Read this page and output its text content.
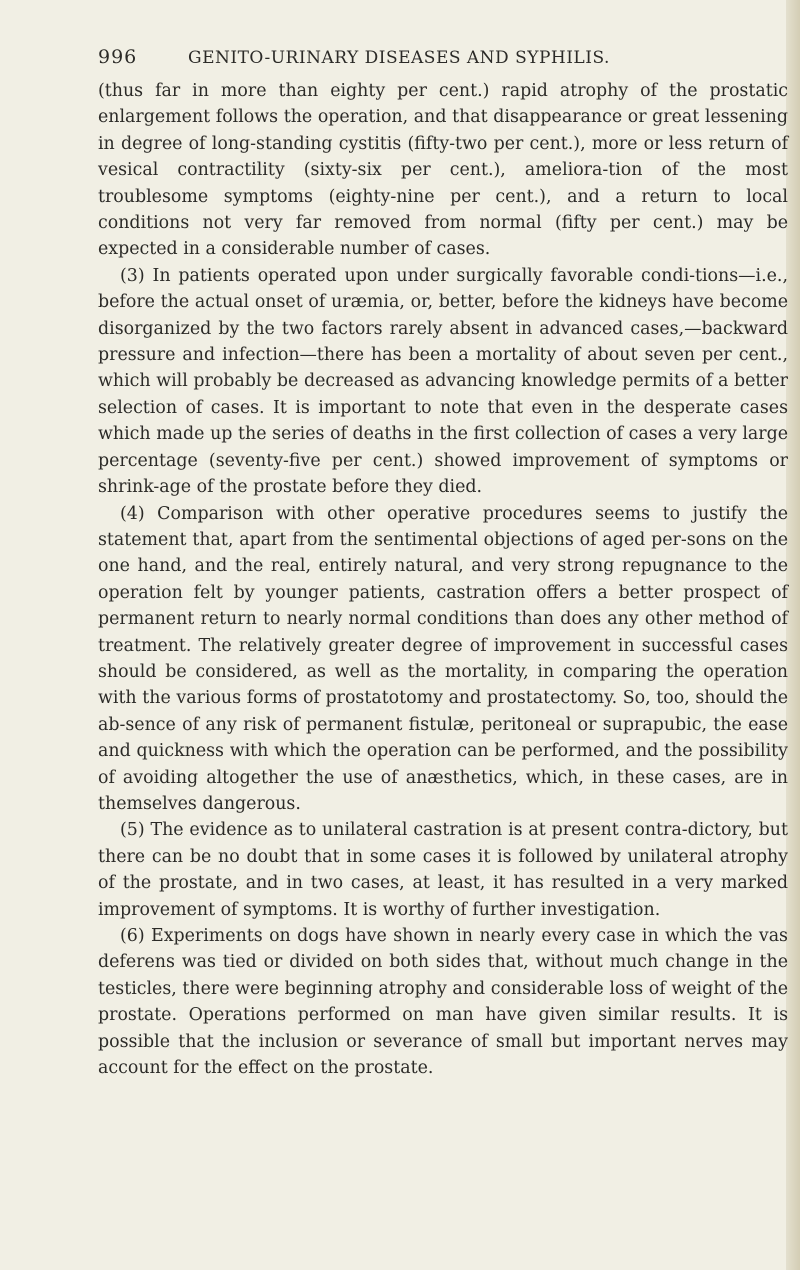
996	GENITO-URINARY DISEASES AND SYPHILIS.

(thus far in more than eighty per cent.) rapid atrophy of the prostatic enlargement follows the operation, and that disappearance or great lessening in degree of long-standing cystitis (fifty-two per cent.), more or less return of vesical contractility (sixty-six per cent.), ameliora-tion of the most troublesome symptoms (eighty-nine per cent.), and a return to local conditions not very far removed from normal (fifty per cent.) may be expected in a considerable number of cases.

(3) In patients operated upon under surgically favorable condi-tions—i.e., before the actual onset of uræmia, or, better, before the kidneys have become disorganized by the two factors rarely absent in advanced cases,—backward pressure and infection—there has been a mortality of about seven per cent., which will probably be decreased as advancing knowledge permits of a better selection of cases. It is important to note that even in the desperate cases which made up the series of deaths in the first collection of cases a very large percentage (seventy-five per cent.) showed improvement of symptoms or shrink-age of the prostate before they died.

(4) Comparison with other operative procedures seems to justify the statement that, apart from the sentimental objections of aged per-sons on the one hand, and the real, entirely natural, and very strong repugnance to the operation felt by younger patients, castration offers a better prospect of permanent return to nearly normal conditions than does any other method of treatment. The relatively greater degree of improvement in successful cases should be considered, as well as the mortality, in comparing the operation with the various forms of prostatotomy and prostatectomy. So, too, should the ab-sence of any risk of permanent fistulæ, peritoneal or suprapubic, the ease and quickness with which the operation can be performed, and the possibility of avoiding altogether the use of anæsthetics, which, in these cases, are in themselves dangerous.

(5) The evidence as to unilateral castration is at present contra-dictory, but there can be no doubt that in some cases it is followed by unilateral atrophy of the prostate, and in two cases, at least, it has resulted in a very marked improvement of symptoms. It is worthy of further investigation.

(6) Experiments on dogs have shown in nearly every case in which the vas deferens was tied or divided on both sides that, without much change in the testicles, there were beginning atrophy and considerable loss of weight of the prostate. Operations performed on man have given similar results. It is possible that the inclusion or severance of small but important nerves may account for the effect on the prostate.
